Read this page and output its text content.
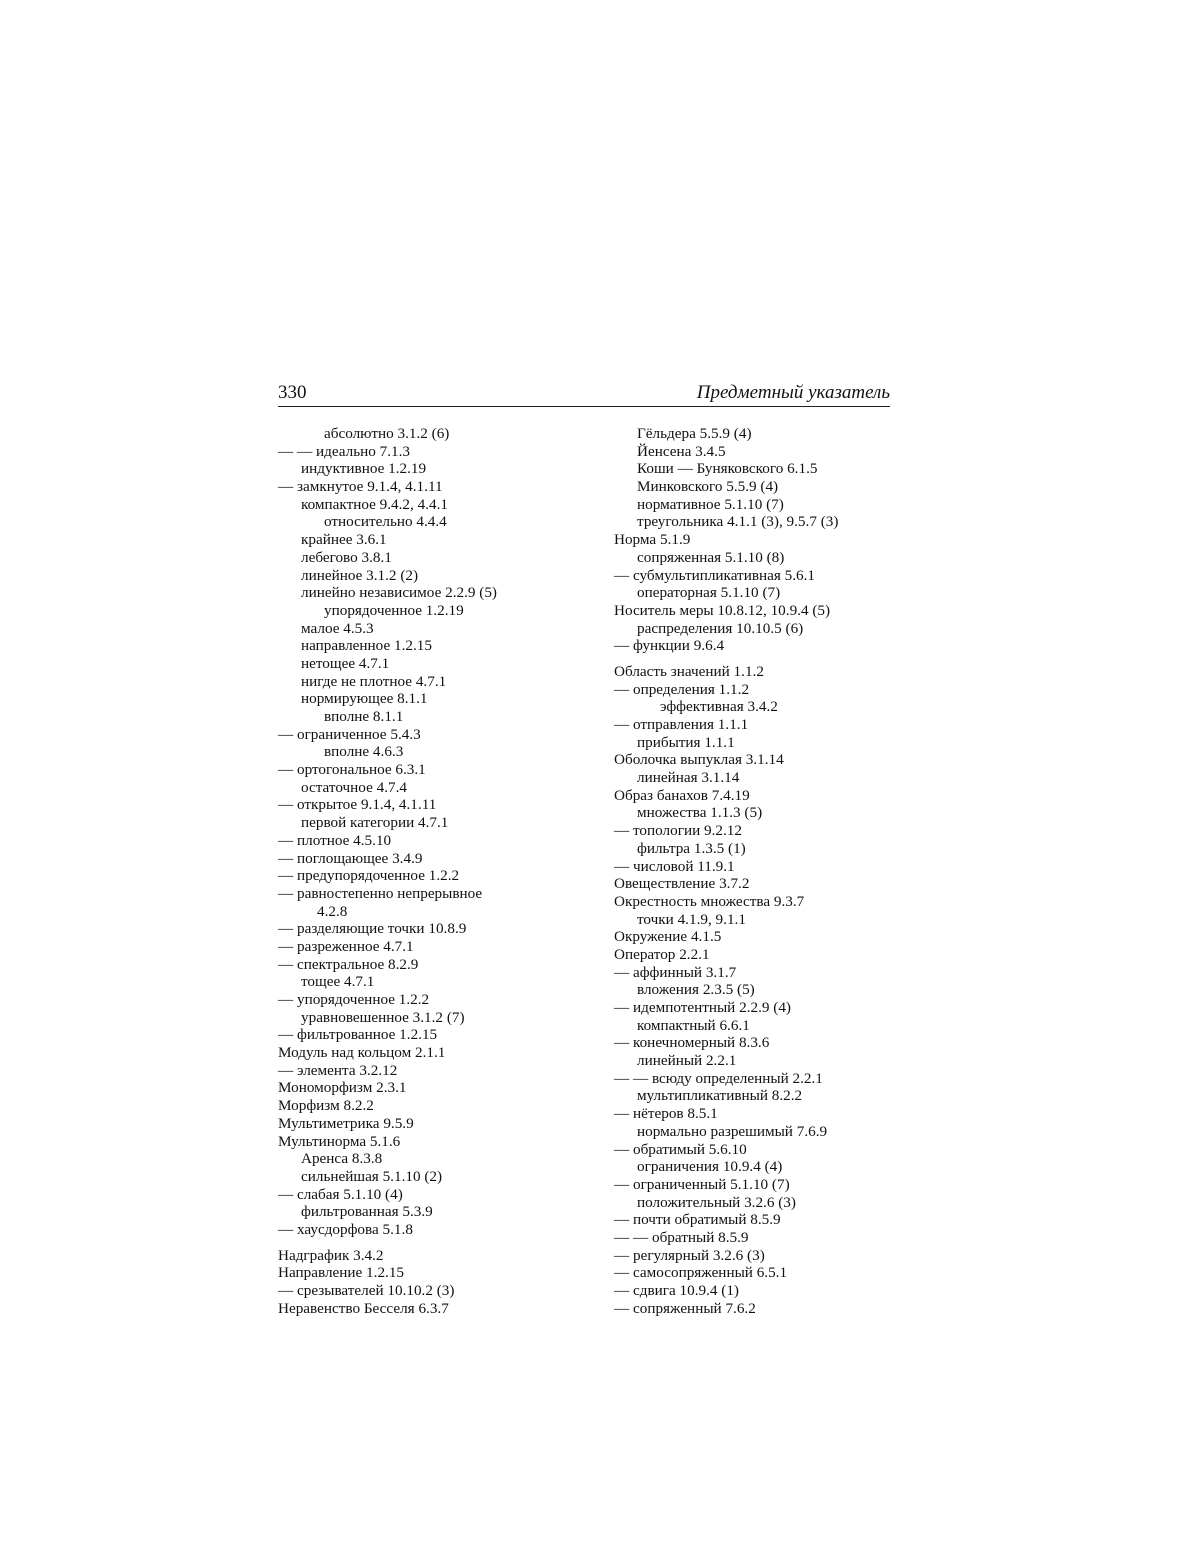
330	Предметный указатель
абсолютно 3.1.2 (6)
— — идеально 7.1.3
индуктивное 1.2.19
— замкнутое 9.1.4, 4.1.11
компактное 9.4.2, 4.4.1
относительно 4.4.4
крайнее 3.6.1
лебегово 3.8.1
линейное 3.1.2 (2)
линейно независимое 2.2.9 (5)
упорядоченное 1.2.19
малое 4.5.3
направленное 1.2.15
нетощее 4.7.1
нигде не плотное 4.7.1
нормирующее 8.1.1
вполне 8.1.1
— ограниченное 5.4.3
вполне 4.6.3
— ортогональное 6.3.1
остаточное 4.7.4
— открытое 9.1.4, 4.1.11
первой категории 4.7.1
— плотное 4.5.10
— поглощающее 3.4.9
— предупорядоченное 1.2.2
— равностепенно непрерывное
4.2.8
— разделяющие точки 10.8.9
— разреженное 4.7.1
— спектральное 8.2.9
тощее 4.7.1
— упорядоченное 1.2.2
уравновешенное 3.1.2 (7)
— фильтрованное 1.2.15
Модуль над кольцом 2.1.1
— элемента 3.2.12
Мономорфизм 2.3.1
Морфизм 8.2.2
Мультиметрика 9.5.9
Мультинорма 5.1.6
Аренса 8.3.8
сильнейшая 5.1.10 (2)
— слабая 5.1.10 (4)
фильтрованная 5.3.9
— хаусдорфова 5.1.8
Надграфик 3.4.2
Направление 1.2.15
— срезывателей 10.10.2 (3)
Неравенство Бесселя 6.3.7
Гёльдера 5.5.9 (4)
Йенсена 3.4.5
Коши — Буняковского 6.1.5
Минковского 5.5.9 (4)
нормативное 5.1.10 (7)
треугольника 4.1.1 (3), 9.5.7 (3)
Норма 5.1.9
сопряженная 5.1.10 (8)
— субмультипликативная 5.6.1
операторная 5.1.10 (7)
Носитель меры 10.8.12, 10.9.4 (5)
распределения 10.10.5 (6)
— функции 9.6.4
Область значений 1.1.2
— определения 1.1.2
эффективная 3.4.2
— отправления 1.1.1
прибытия 1.1.1
Оболочка выпуклая 3.1.14
линейная 3.1.14
Образ банахов 7.4.19
множества 1.1.3 (5)
— топологии 9.2.12
фильтра 1.3.5 (1)
— числовой 11.9.1
Овеществление 3.7.2
Окрестность множества 9.3.7
точки 4.1.9, 9.1.1
Окружение 4.1.5
Оператор 2.2.1
— аффинный 3.1.7
вложения 2.3.5 (5)
— идемпотентный 2.2.9 (4)
компактный 6.6.1
— конечномерный 8.3.6
линейный 2.2.1
— — всюду определенный 2.2.1
мультипликативный 8.2.2
— нётеров 8.5.1
нормально разрешимый 7.6.9
— обратимый 5.6.10
ограничения 10.9.4 (4)
— ограниченный 5.1.10 (7)
положительный 3.2.6 (3)
— почти обратимый 8.5.9
— — обратный 8.5.9
— регулярный 3.2.6 (3)
— самосопряженный 6.5.1
— сдвига 10.9.4 (1)
— сопряженный 7.6.2
